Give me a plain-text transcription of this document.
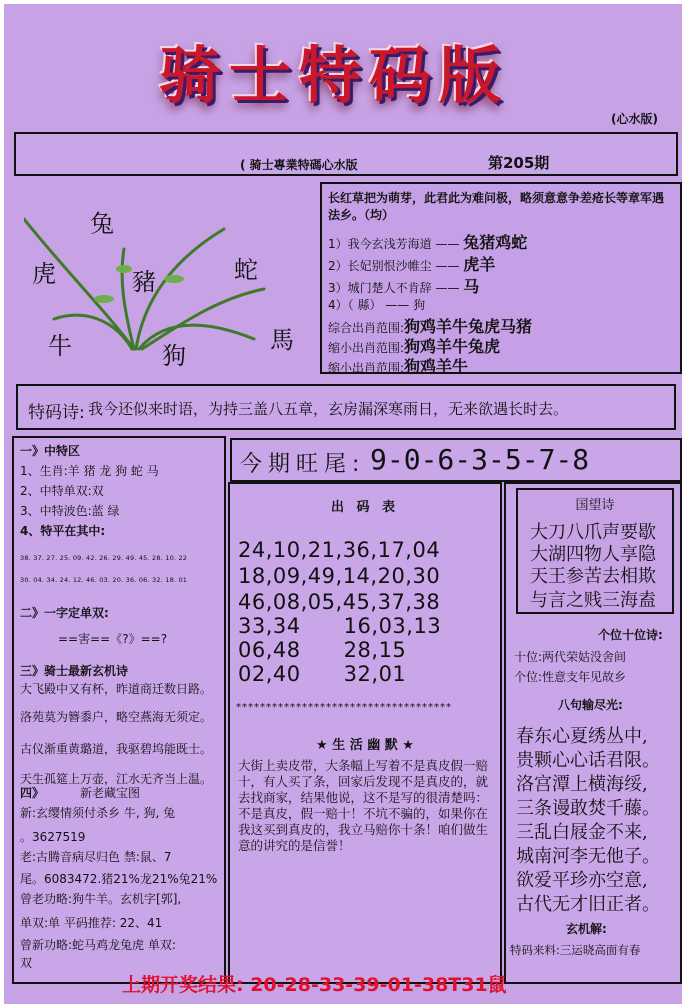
骑士特码版
(心水版)
( 骑士專業特碼心水版	第205期
兔
虎	豬	蛇
牛	狗
馬
长红草把为萌芽，此君此为难问极，略须意意争差疮长等章军遇法乡。（均）
1）我今玄浅芳海道 —— 兔猪鸡蛇
2）长妃别恨沙帷尘 —— 虎羊
3）城门楚人不肯辞 —— 马
4）（ 縣） —— 狗
综合出肖范围:狗鸡羊牛兔虎马猪
缩小出肖范围:狗鸡羊牛兔虎
缩小出肖范围:狗鸡羊牛
特码诗: 我今还似来时语，为持三盖八五章，玄房漏深寒雨日，无来欲遇长时去。
一》中特区
1、生肖:羊 猪 龙 狗 蛇 马
2、中特单双:双
3、中特波色:蓝 绿
4、特平在其中:
38. 37. 27. 25. 09. 42. 26. 29. 49. 45. 28. 10. 22
30. 04. 34. 24. 12. 46. 03. 20. 36. 06. 32. 18. 01
二》一字定单双:
==害==《?》==?
三》骑士最新玄机诗
大飞殿中又有杯，昨道商迁数日路。
洛苑莫为簪黍户，略空燕海无须定。
古仪渐重黄璐道，我驱碧坞能既士。
天生孤筵上万壶，江水无齐当上温。
四》	新老藏宝图
新:玄缨情须付杀乡 牛, 狗, 兔
。3627519
老:古腾音病尽归色 禁:鼠、7
尾。6083472.猪21%龙21%兔21%
曾老功略:狗牛羊。玄机字[郭],
单双:单 平码推荐: 22、41
曾新功略:蛇马鸡龙兔虎 单双:
双
今期旺尾: 9-0-6-3-5-7-8
出 码 表
24,10,21,36,17,04
18,09,49,14,20,30
46,08,05,45,37,38
33,34      16,03,13
06,48      28,15
02,40      32,01
************************************
★ 生 活 幽 默 ★
大街上卖皮带，大条幅上写着不是真皮假一赔十，有人买了条，回家后发现不是真皮的，就去找商家，结果他说，这不是写的很清楚吗：不是真皮，假一赔十！不坑不骗的，如果你在我这买到真皮的，我立马赔你十条！咱们做生意的讲究的是信誉！
国望诗
大刀八爪声要歇
大湖四物人享隐
天王参苦去相欺
与言之贱三海盍
个位十位诗:
十位:两代荣姑没舍间
个位:性意支年见故乡
八句输尽光:
春东心夏绣丛中,
贵颗心心话君限。
洛宫潭上横海绥,
三条谩敢焚千藤。
三乱白屐金不来,
城南河李无他子。
欲爱平珍亦空意,
古代无才旧正者。
玄机解:
特码来料:三运晓高面有春
上期开奖结果: 20-28-33-39-01-38T31鼠
